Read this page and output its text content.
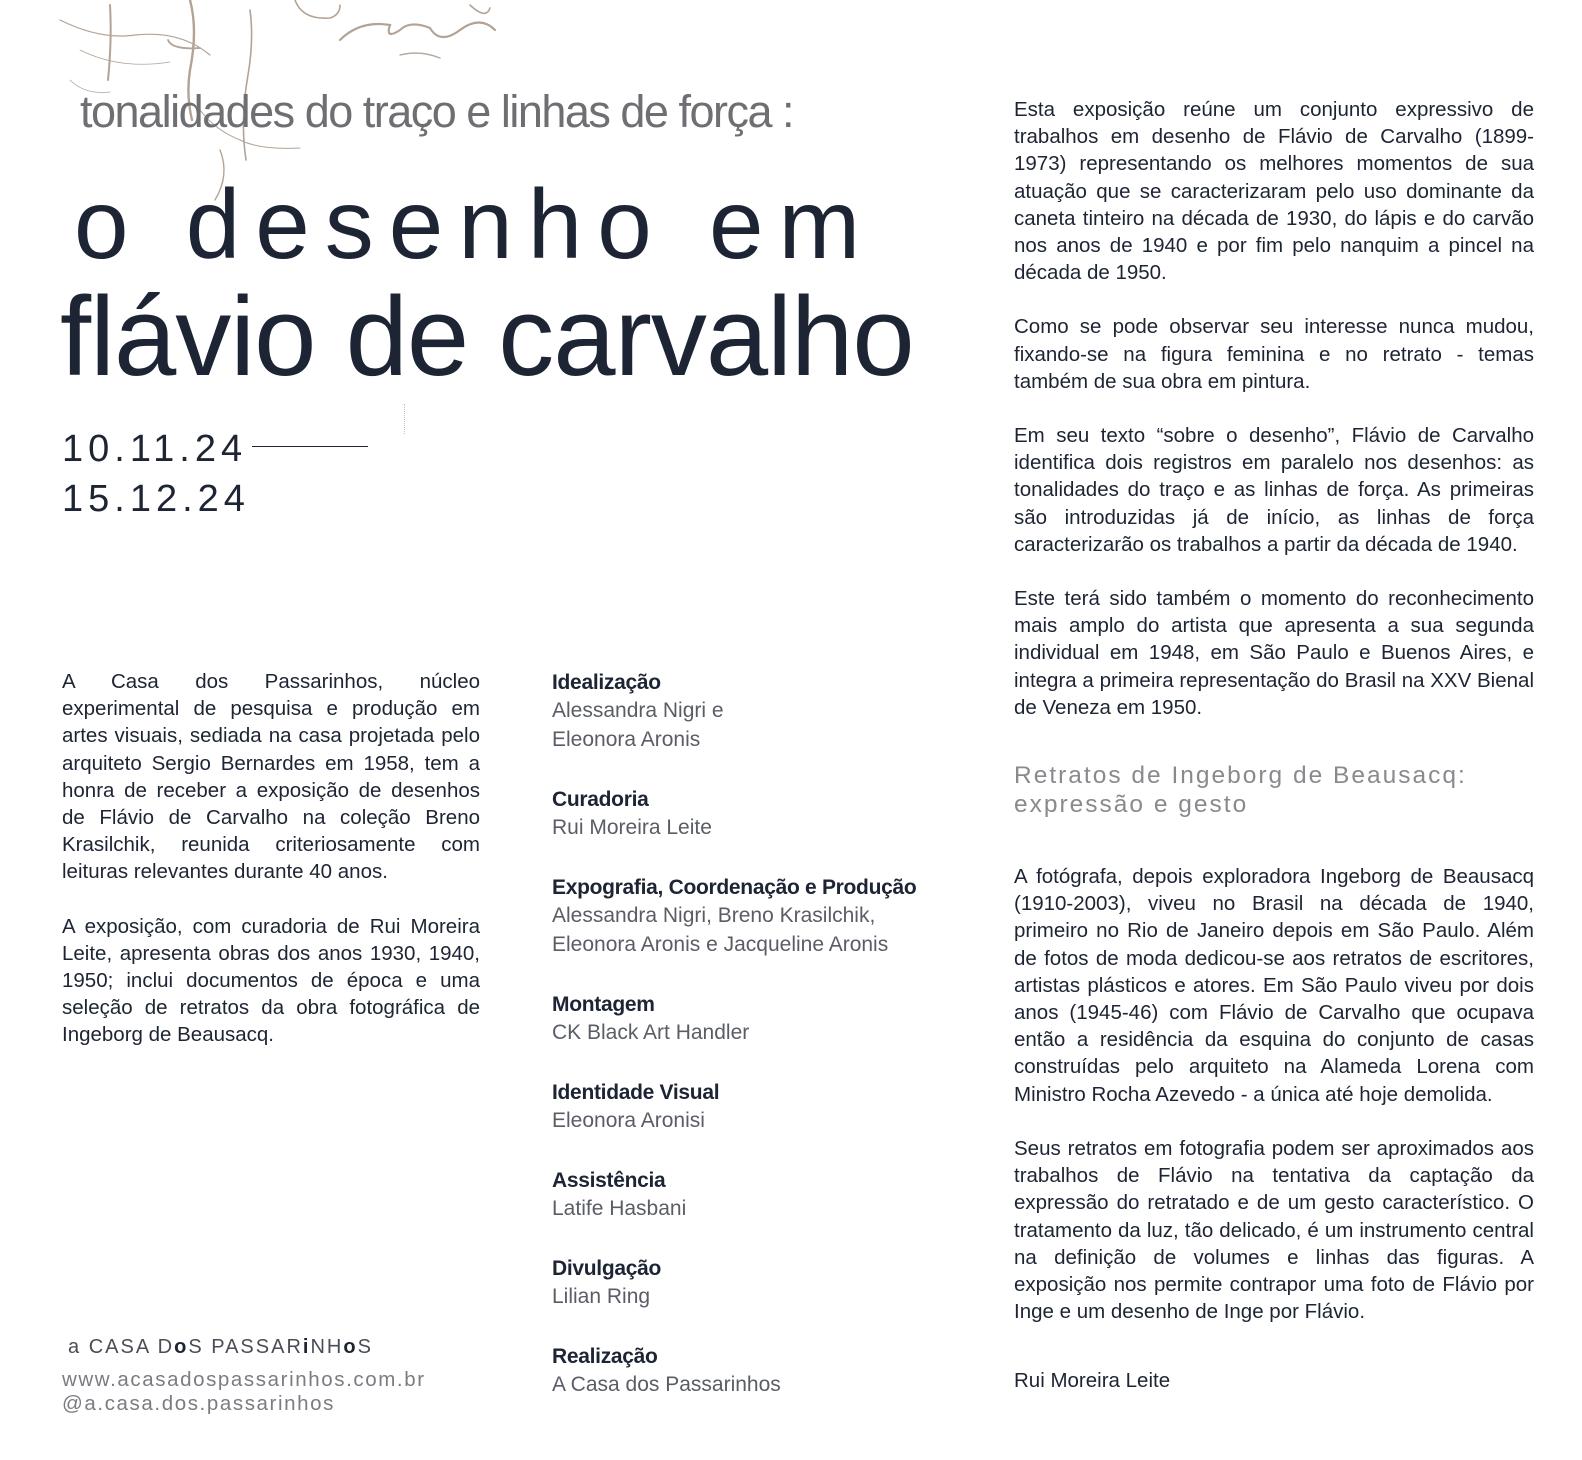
tonalidades do traço e linhas de força :

o desenho em
flávio de carvalho

10.11.24

15.12.24

A Casa dos Passarinhos, núcleo experimental de pesquisa e produção em artes visuais, sediada na casa projetada pelo arquiteto Sergio Bernardes em 1958, tem a honra de receber a exposição de desenhos de Flávio de Carvalho na coleção Breno Krasilchik, reunida criteriosamente com leituras relevantes durante 40 anos.

A exposição, com curadoria de Rui Moreira Leite, apresenta obras dos anos 1930, 1940, 1950; inclui documentos de época e uma seleção de retratos da obra fotográfica de Ingeborg de Beausacq.

Idealização
Alessandra Nigri e
Eleonora Aronis
Curadoria
Rui Moreira Leite
Expografia, Coordenação e Produção
Alessandra Nigri, Breno Krasilchik,
Eleonora Aronis e Jacqueline Aronis
Montagem
CK Black Art Handler
Identidade Visual
Eleonora Aronisi
Assistência
Latife Hasbani
Divulgação
Lilian Ring
Realização
A Casa dos Passarinhos

Esta exposição reúne um conjunto expressivo de trabalhos em desenho de Flávio de Carvalho (1899-1973) representando os melhores momentos de sua atuação que se caracterizaram pelo uso dominante da caneta tinteiro na década de 1930, do lápis e do carvão nos anos de 1940 e por fim pelo nanquim a pincel na década de 1950.

Como se pode observar seu interesse nunca mudou, fixando-se na figura feminina e no retrato - temas também de sua obra em pintura.

Em seu texto “sobre o desenho”, Flávio de Carvalho identifica dois registros em paralelo nos desenhos: as tonalidades do traço e as linhas de força. As primeiras são introduzidas já de início, as linhas de força caracterizarão os trabalhos a partir da década de 1940.

Este terá sido também o momento do reconhecimento mais amplo do artista que apresenta a sua segunda individual em 1948, em São Paulo e Buenos Aires, e integra a primeira representação do Brasil na XXV Bienal de Veneza em 1950.

Retratos de Ingeborg de Beausacq:
expressão e gesto

A fotógrafa, depois exploradora Ingeborg de Beausacq (1910-2003), viveu no Brasil na década de 1940, primeiro no Rio de Janeiro depois em São Paulo. Além de fotos de moda dedicou-se aos retratos de escritores, artistas plásticos e atores. Em São Paulo viveu por dois anos (1945-46) com Flávio de Carvalho que ocupava então a residência da esquina do conjunto de casas construídas pelo arquiteto na Alameda Lorena com Ministro Rocha Azevedo - a única até hoje demolida.

Seus retratos em fotografia podem ser aproximados aos trabalhos de Flávio na tentativa da captação da expressão do retratado e de um gesto característico. O tratamento da luz, tão delicado, é um instrumento central na definição de volumes e linhas das figuras. A exposição nos permite contrapor uma foto de Flávio por Inge e um desenho de Inge por Flávio.

Rui Moreira Leite

a CASA DoS PASSARiNHoS

www.acasadospassarinhos.com.br

@a.casa.dos.passarinhos
